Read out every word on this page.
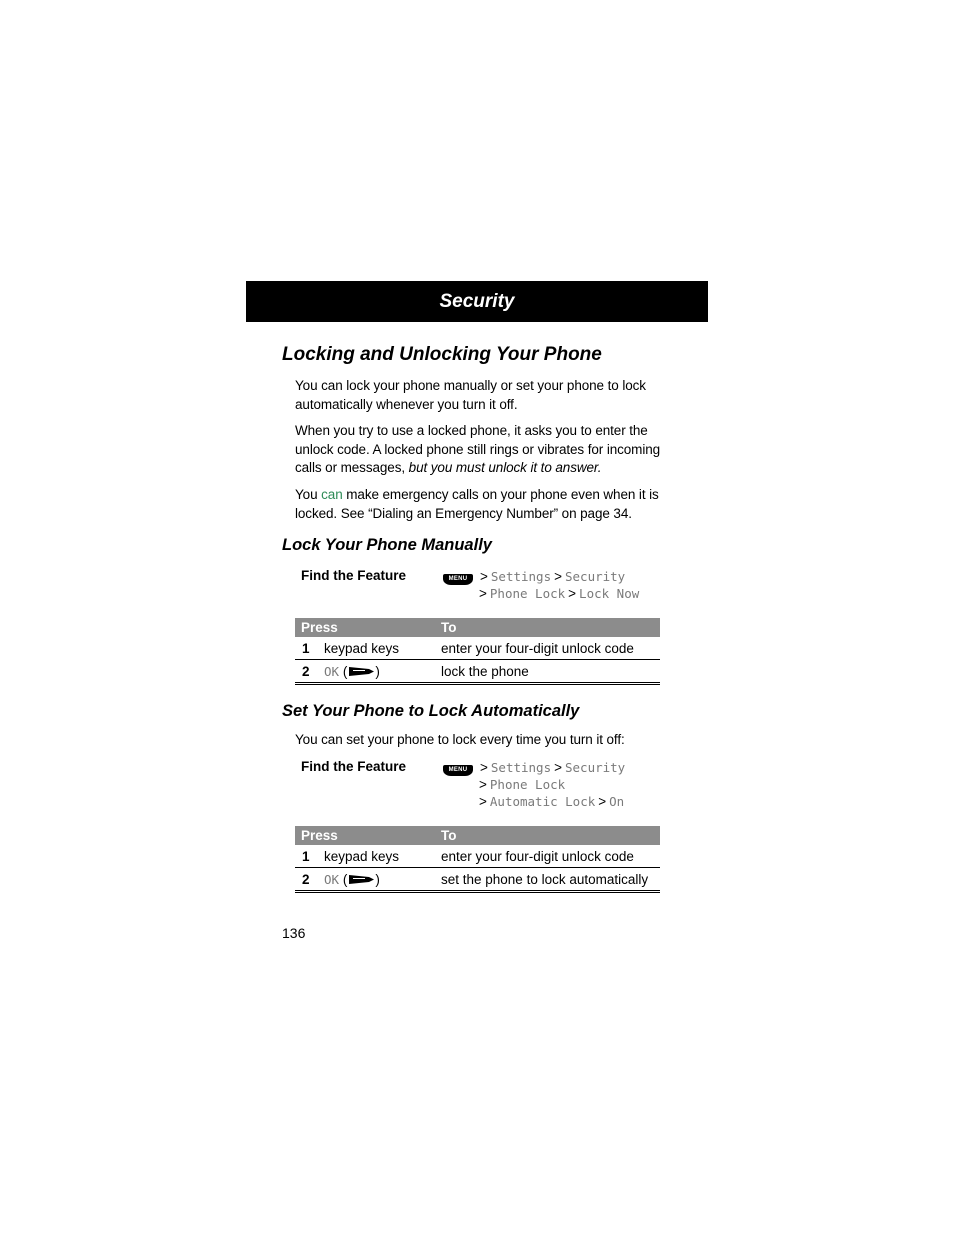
Security
Locking and Unlocking Your Phone

You can lock your phone manually or set your phone to lock automatically whenever you turn it off.

When you try to use a locked phone, it asks you to enter the unlock code. A locked phone still rings or vibrates for incoming calls or messages, but you must unlock it to answer.

You can make emergency calls on your phone even when it is locked. See “Dialing an Emergency Number” on page 34.

Lock Your Phone Manually
Find the Feature	MENU > Settings > Security
> Phone Lock > Lock Now
Press		To
1	keypad keys	enter your four-digit unlock code
2	OK ( )	lock the phone
Set Your Phone to Lock Automatically

You can set your phone to lock every time you turn it off:

Find the Feature	MENU > Settings > Security
> Phone Lock
> Automatic Lock > On
Press		To
1	keypad keys	enter your four-digit unlock code
2	OK ( )	set the phone to lock automatically

136
